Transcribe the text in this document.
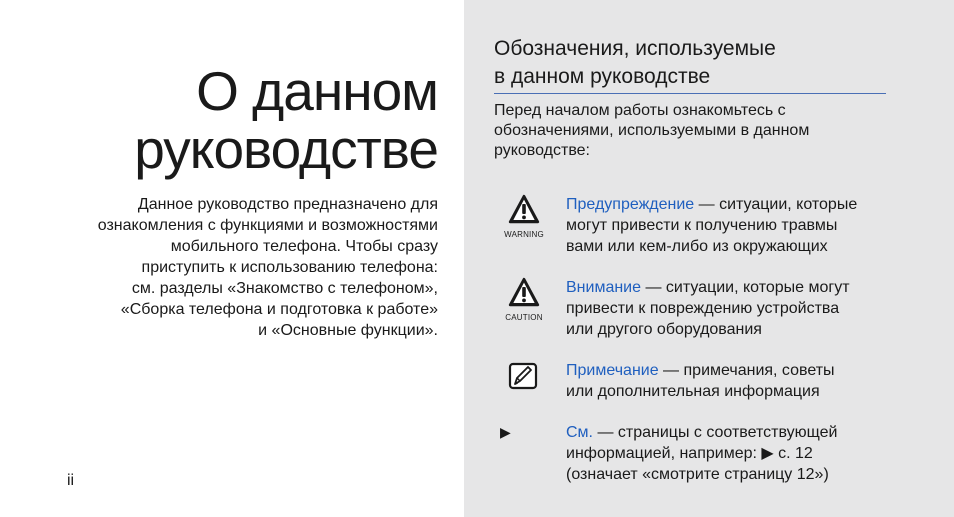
О данном
руководстве

Данное руководство предназначено для
ознакомления с функциями и возможностями
мобильного телефона. Чтобы сразу
приступить к использованию телефона:
см. разделы «Знакомство с телефоном»,
«Сборка телефона и подготовка к работе»
и «Основные функции».

ii
Обозначения, используемые
в данном руководстве

Перед началом работы ознакомьтесь с
обозначениями, используемыми в данном
руководстве:

WARNING

Предупреждение — ситуации, которые
могут привести к получению травмы
вами или кем-либо из окружающих

CAUTION

Внимание — ситуации, которые могут
привести к повреждению устройства
или другого оборудования

Примечание — примечания, советы
или дополнительная информация

▶	См. — страницы с соответствующей
информацией, например: ▶ с. 12
(означает «смотрите страницу 12»)
